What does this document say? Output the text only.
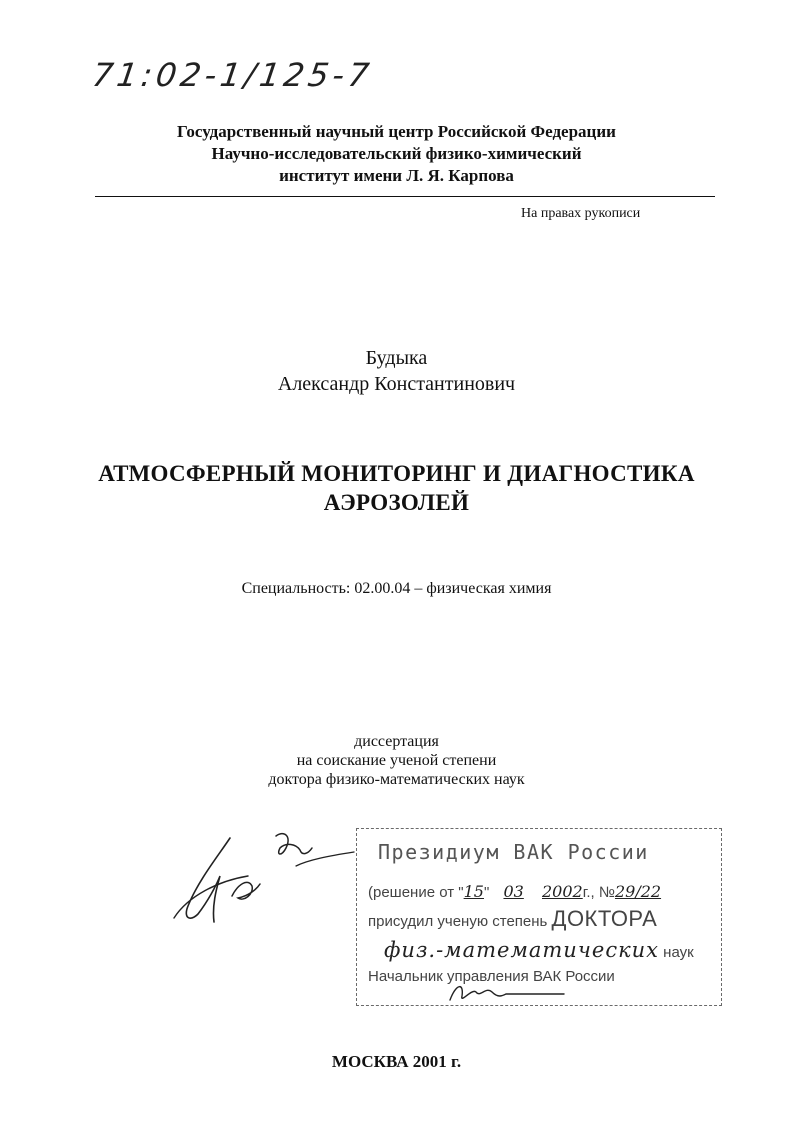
71:02-1/125-7
Государственный научный центр Российской Федерации
Научно-исследовательский физико-химический
институт имени Л. Я. Карпова
На правах рукописи
Будыка
Александр Константинович
АТМОСФЕРНЫЙ МОНИТОРИНГ И ДИАГНОСТИКА
АЭРОЗОЛЕЙ
Специальность: 02.00.04 – физическая химия
диссертация
на соискание ученой степени
доктора физико-математических наук
Президиум ВАК России
(решение от "15" 03 2002г., №29/22
присудил ученую степень ДОКТОРА
физ.-математических наук
Начальник управления ВАК России
МОСКВА 2001 г.
